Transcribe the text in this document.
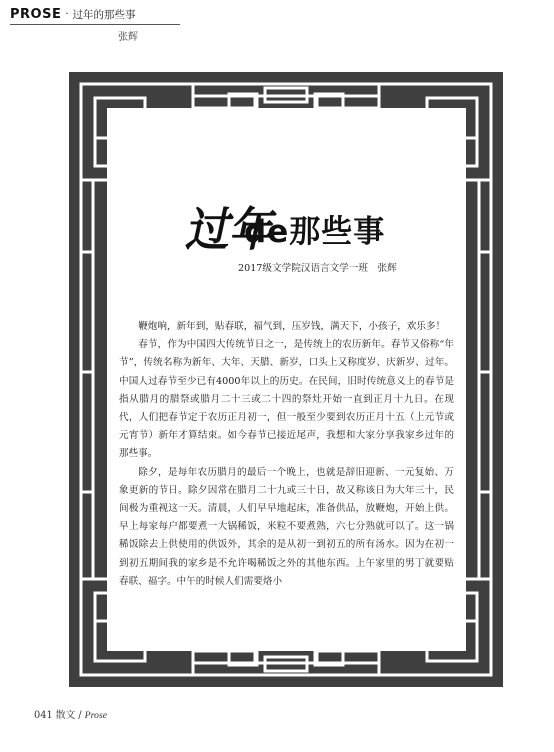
PROSE · 过年的那些事
张辉
过年
de那些事
2017级文学院汉语言文学一班　张辉

鞭炮响，新年到，贴春联，福气到，压岁钱，满天下，小孩子，欢乐多！

春节，作为中国四大传统节日之一，是传统上的农历新年。春节又俗称“年节”，传统名称为新年、大年、天腊、新岁，口头上又称度岁、庆新岁、过年。中国人过春节至少已有4000年以上的历史。在民间，旧时传统意义上的春节是指从腊月的腊祭或腊月二十三或二十四的祭灶开始一直到正月十九日。在现代，人们把春节定于农历正月初一，但一般至少要到农历正月十五（上元节或元宵节）新年才算结束。如今春节已接近尾声，我想和大家分享我家乡过年的那些事。

除夕，是每年农历腊月的最后一个晚上，也就是辞旧迎新、一元复始、万象更新的节日。除夕因常在腊月二十九或三十日，故又称该日为大年三十，民间极为重视这一天。清晨，人们早早地起床，准备供品，放鞭炮，开始上供。早上每家每户都要煮一大锅稀饭，米粒不要煮熟，六七分熟就可以了。这一锅稀饭除去上供使用的供饭外，其余的是从初一到初五的所有汤水。因为在初一到初五期间我的家乡是不允许喝稀饭之外的其他东西。上午家里的男丁就要贴春联、福字。中午的时候人们需要烙小

041 散文 / Prose
